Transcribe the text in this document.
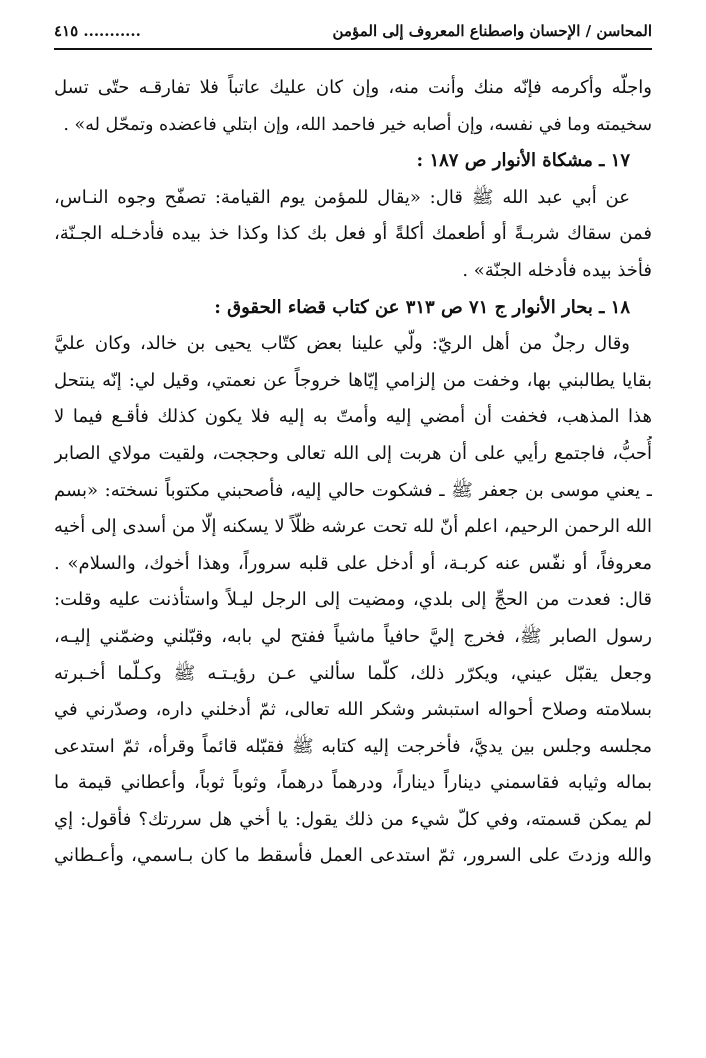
المحاسن / الإحسان واصطناع المعروف إلى المؤمن
........... ٤١٥
واجلّه وأكرمه فإنّه منك وأنت منه، وإن كان عليك عاتباً فلا تفارقـه حتّى تسل
سخيمته وما في نفسه، وإن أصابه خير فاحمد الله، وإن ابتلي فاعضده وتمحّل له» .
١٧ ـ مشكاة الأنوار ص ١٨٧ :
عن أبي عبد الله ﷺ قال: «يقال للمؤمن يوم القيامة: تصفّح وجوه النـاس،
فمن سقاك شربـةً أو أطعمك أكلةً أو فعل بك كذا وكذا خذ بيده فأدخـله الجـنّة،
فأخذ بيده فأدخله الجنّة» .
١٨ ـ بحار الأنوار ج ٧١ ص ٣١٣ عن كتاب قضاء الحقوق :
وقال رجلٌ من أهل الريّ: ولّي علينا بعض كتّاب يحيى بن خالد، وكان عليَّ
بقايا يطالبني بها، وخفت من إلزامي إيّاها خروجاً عن نعمتي، وقيل لي: إنّه ينتحل
هذا المذهب، فخفت أن أمضي إليه وأمتّ به إليه فلا يكون كذلك فأقـع فيما لا
أُحبُّ، فاجتمع رأيي على أن هربت إلى الله تعالى وحججت، ولقيت مولاي الصابر
ـ يعني موسى بن جعفر ﷺ ـ فشكوت حالي إليه، فأصحبني مكتوباً نسخته: «بسم
الله الرحمن الرحيم، اعلم أنّ لله تحت عرشه ظلّاً لا يسكنه إلّا من أسدى إلى أخيه
معروفاً، أو نفّس عنه كربـة، أو أدخل على قلبه سروراً، وهذا أخوك، والسلام» .
قال: فعدت من الحجِّ إلى بلدي، ومضيت إلى الرجل ليـلاً واستأذنت عليه وقلت:
رسول الصابر ﷺ، فخرج إليَّ حافياً ماشياً ففتح لي بابه، وقبّلني وضمّني إليـه،
وجعل يقبّل عيني، ويكرّر ذلك، كلّما سألني عـن رؤيـتـه ﷺ وكـلّما أخـبرته
بسلامته وصلاح أحواله استبشر وشكر الله تعالى، ثمّ أدخلني داره، وصدّرني في
مجلسه وجلس بين يديَّ، فأخرجت إليه كتابه ﷺ فقبّله قائماً وقرأه، ثمّ استدعى
بماله وثيابه فقاسمني ديناراً ديناراً، ودرهماً درهماً، وثوباً ثوباً، وأعطاني قيمة ما
لم يمكن قسمته، وفي كلّ شيء من ذلك يقول: يا أخي هل سررتك؟ فأقول: إي
والله وزدتَ على السرور، ثمّ استدعى العمل فأسقط ما كان بـاسمي، وأعـطاني
